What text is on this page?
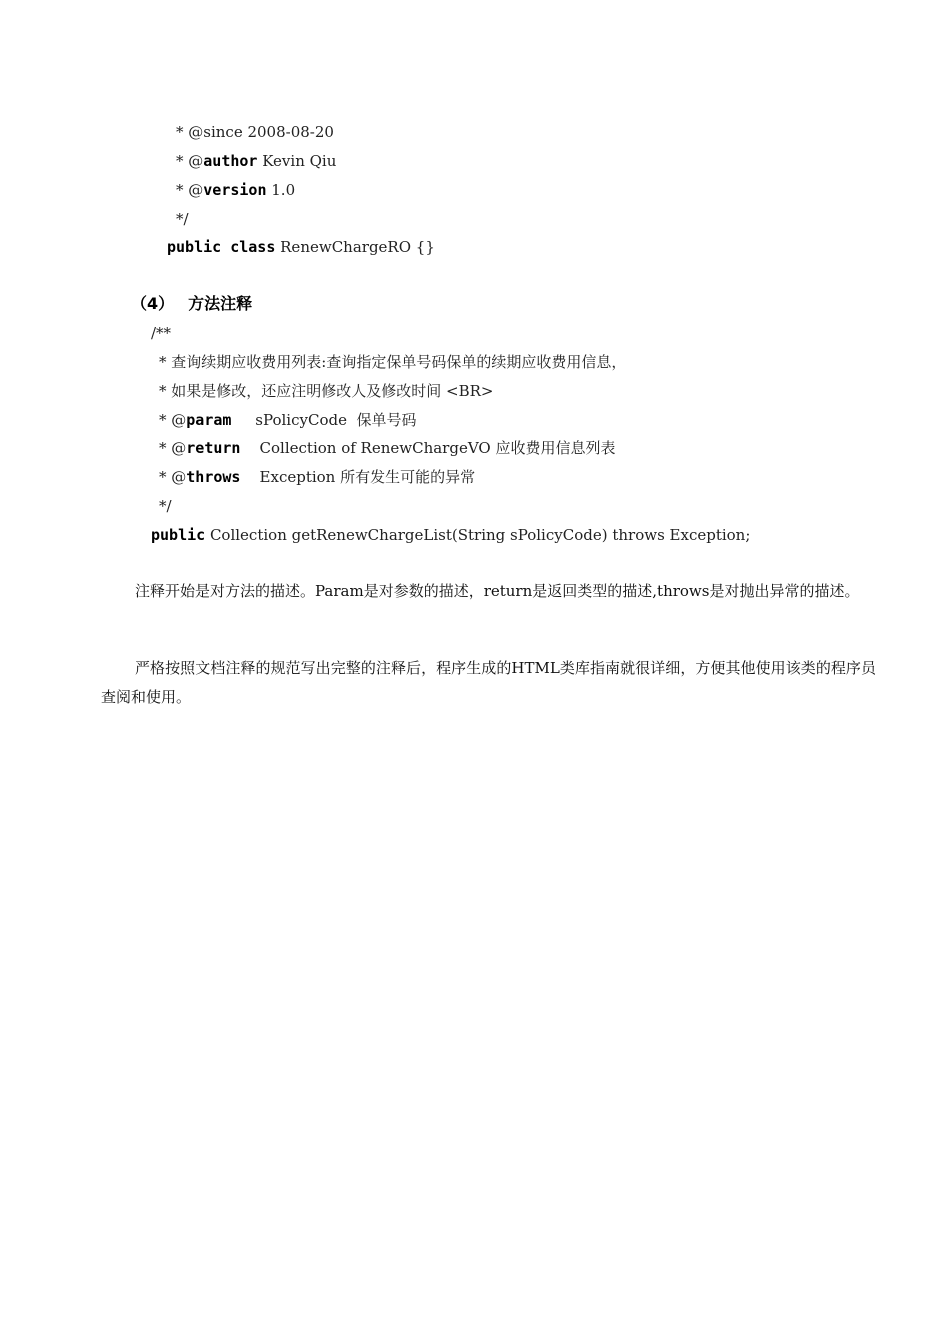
* @since 2008-08-20
* @author Kevin Qiu
* @version 1.0
*/
public class RenewChargeRO {}
（4） 方法注释
/**
* 查询续期应收费用列表:查询指定保单号码保单的续期应收费用信息，
* 如果是修改，还应注明修改人及修改时间 <BR>
* @param     sPolicyCode  保单号码
* @return    Collection of RenewChargeVO 应收费用信息列表
* @throws    Exception 所有发生可能的异常
*/
public Collection getRenewChargeList(String sPolicyCode) throws Exception;

注释开始是对方法的描述。Param是对参数的描述，return是返回类型的描述,throws是对抛出异常的描述。

严格按照文档注释的规范写出完整的注释后，程序生成的HTML类库指南就很详细，方便其他使用该类的程序员查阅和使用。
